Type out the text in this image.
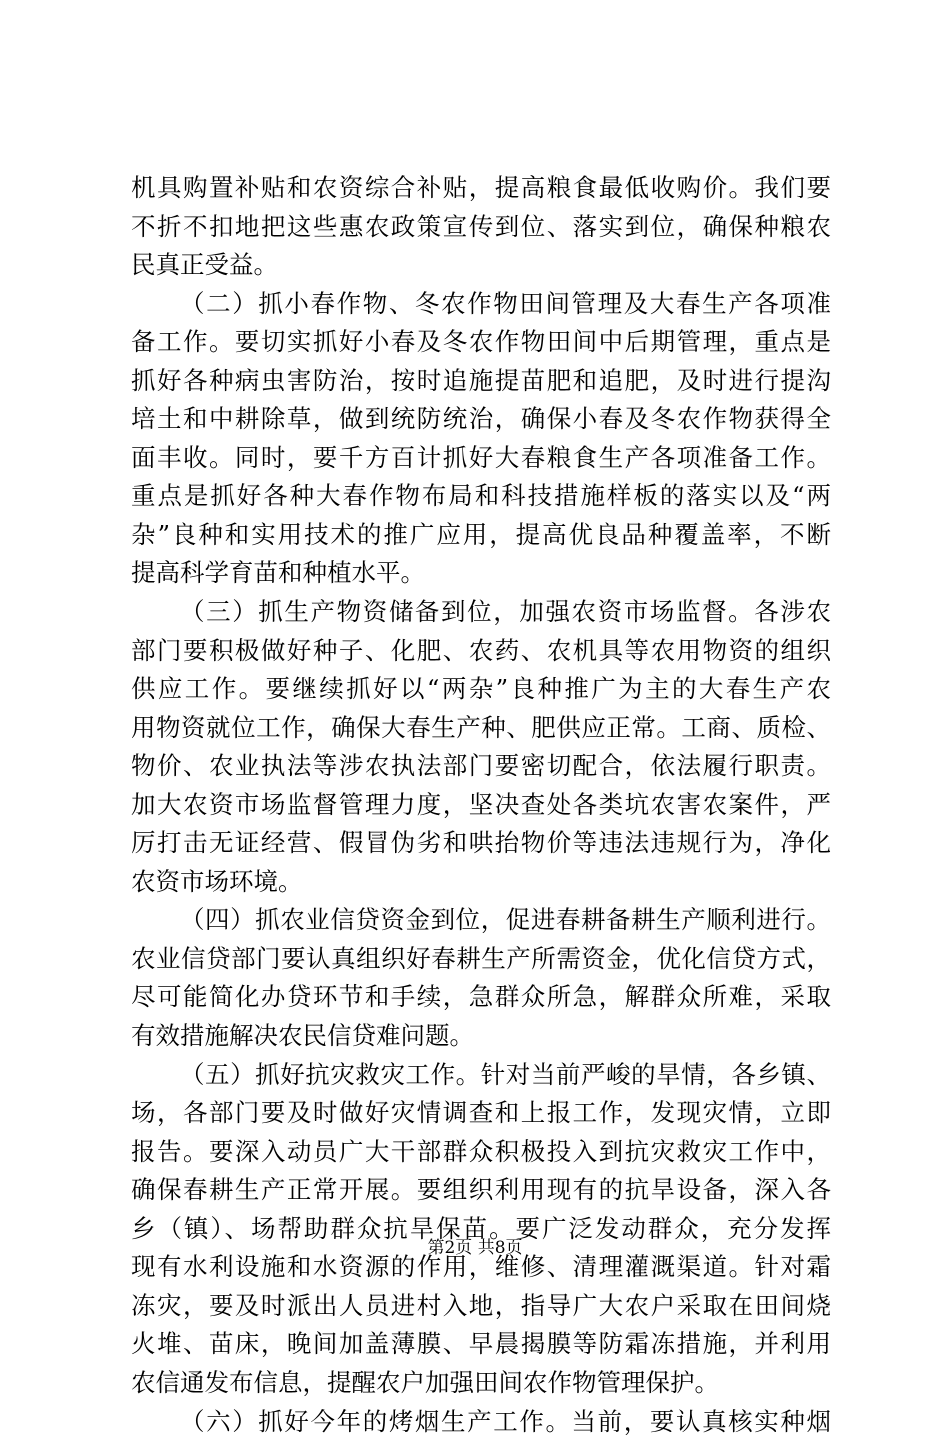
机具购置补贴和农资综合补贴，提高粮食最低收购价。我们要
不折不扣地把这些惠农政策宣传到位、落实到位，确保种粮农
民真正受益。
（二）抓小春作物、冬农作物田间管理及大春生产各项准
备工作。要切实抓好小春及冬农作物田间中后期管理，重点是
抓好各种病虫害防治，按时追施提苗肥和追肥，及时进行提沟
培土和中耕除草，做到统防统治，确保小春及冬农作物获得全
面丰收。同时，要千方百计抓好大春粮食生产各项准备工作。
重点是抓好各种大春作物布局和科技措施样板的落实以及“两
杂”良种和实用技术的推广应用，提高优良品种覆盖率，不断
提高科学育苗和种植水平。
（三）抓生产物资储备到位，加强农资市场监督。各涉农
部门要积极做好种子、化肥、农药、农机具等农用物资的组织
供应工作。要继续抓好以“两杂”良种推广为主的大春生产农
用物资就位工作，确保大春生产种、肥供应正常。工商、质检、
物价、农业执法等涉农执法部门要密切配合，依法履行职责。
加大农资市场监督管理力度，坚决查处各类坑农害农案件，严
厉打击无证经营、假冒伪劣和哄抬物价等违法违规行为，净化
农资市场环境。
（四）抓农业信贷资金到位，促进春耕备耕生产顺利进行。
农业信贷部门要认真组织好春耕生产所需资金，优化信贷方式，
尽可能简化办贷环节和手续，急群众所急，解群众所难，采取
有效措施解决农民信贷难问题。
（五）抓好抗灾救灾工作。针对当前严峻的旱情，各乡镇、
场，各部门要及时做好灾情调查和上报工作，发现灾情，立即
报告。要深入动员广大干部群众积极投入到抗灾救灾工作中，
确保春耕生产正常开展。要组织利用现有的抗旱设备，深入各
乡（镇）、场帮助群众抗旱保苗。要广泛发动群众，充分发挥
现有水利设施和水资源的作用，维修、清理灌溉渠道。针对霜
冻灾，要及时派出人员进村入地，指导广大农户采取在田间烧
火堆、苗床，晚间加盖薄膜、早晨揭膜等防霜冻措施，并利用
农信通发布信息，提醒农户加强田间农作物管理保护。
（六）抓好今年的烤烟生产工作。当前，要认真核实种烟
第2页 共8页
